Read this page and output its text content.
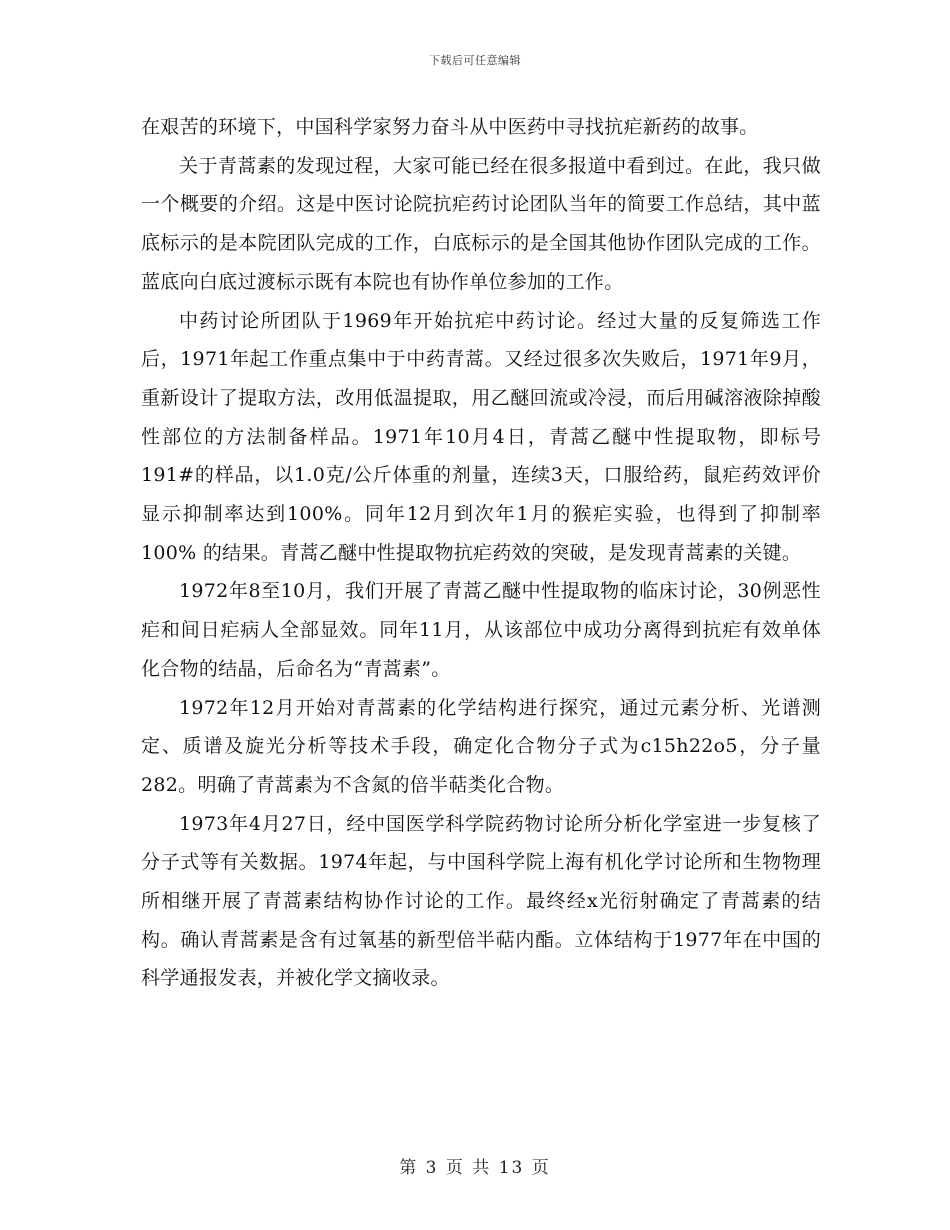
下载后可任意编辑

在艰苦的环境下，中国科学家努力奋斗从中医药中寻找抗疟新药的故事。

关于青蒿素的发现过程，大家可能已经在很多报道中看到过。在此，我只做一个概要的介绍。这是中医讨论院抗疟药讨论团队当年的简要工作总结，其中蓝底标示的是本院团队完成的工作，白底标示的是全国其他协作团队完成的工作。蓝底向白底过渡标示既有本院也有协作单位参加的工作。

中药讨论所团队于1969年开始抗疟中药讨论。经过大量的反复筛选工作后，1971年起工作重点集中于中药青蒿。又经过很多次失败后，1971年9月，重新设计了提取方法，改用低温提取，用乙醚回流或冷浸，而后用碱溶液除掉酸性部位的方法制备样品。1971年10月4日，青蒿乙醚中性提取物，即标号191#的样品，以1.0克/公斤体重的剂量，连续3天，口服给药，鼠疟药效评价显示抑制率达到100%。同年12月到次年1月的猴疟实验，也得到了抑制率100% 的结果。青蒿乙醚中性提取物抗疟药效的突破，是发现青蒿素的关键。

1972年8至10月，我们开展了青蒿乙醚中性提取物的临床讨论，30例恶性疟和间日疟病人全部显效。同年11月，从该部位中成功分离得到抗疟有效单体化合物的结晶，后命名为“青蒿素”。

1972年12月开始对青蒿素的化学结构进行探究，通过元素分析、光谱测定、质谱及旋光分析等技术手段，确定化合物分子式为c15h22o5，分子量282。明确了青蒿素为不含氮的倍半萜类化合物。

1973年4月27日，经中国医学科学院药物讨论所分析化学室进一步复核了分子式等有关数据。1974年起，与中国科学院上海有机化学讨论所和生物物理所相继开展了青蒿素结构协作讨论的工作。最终经x光衍射确定了青蒿素的结构。确认青蒿素是含有过氧基的新型倍半萜内酯。立体结构于1977年在中国的科学通报发表，并被化学文摘收录。

第 3 页 共 13 页
